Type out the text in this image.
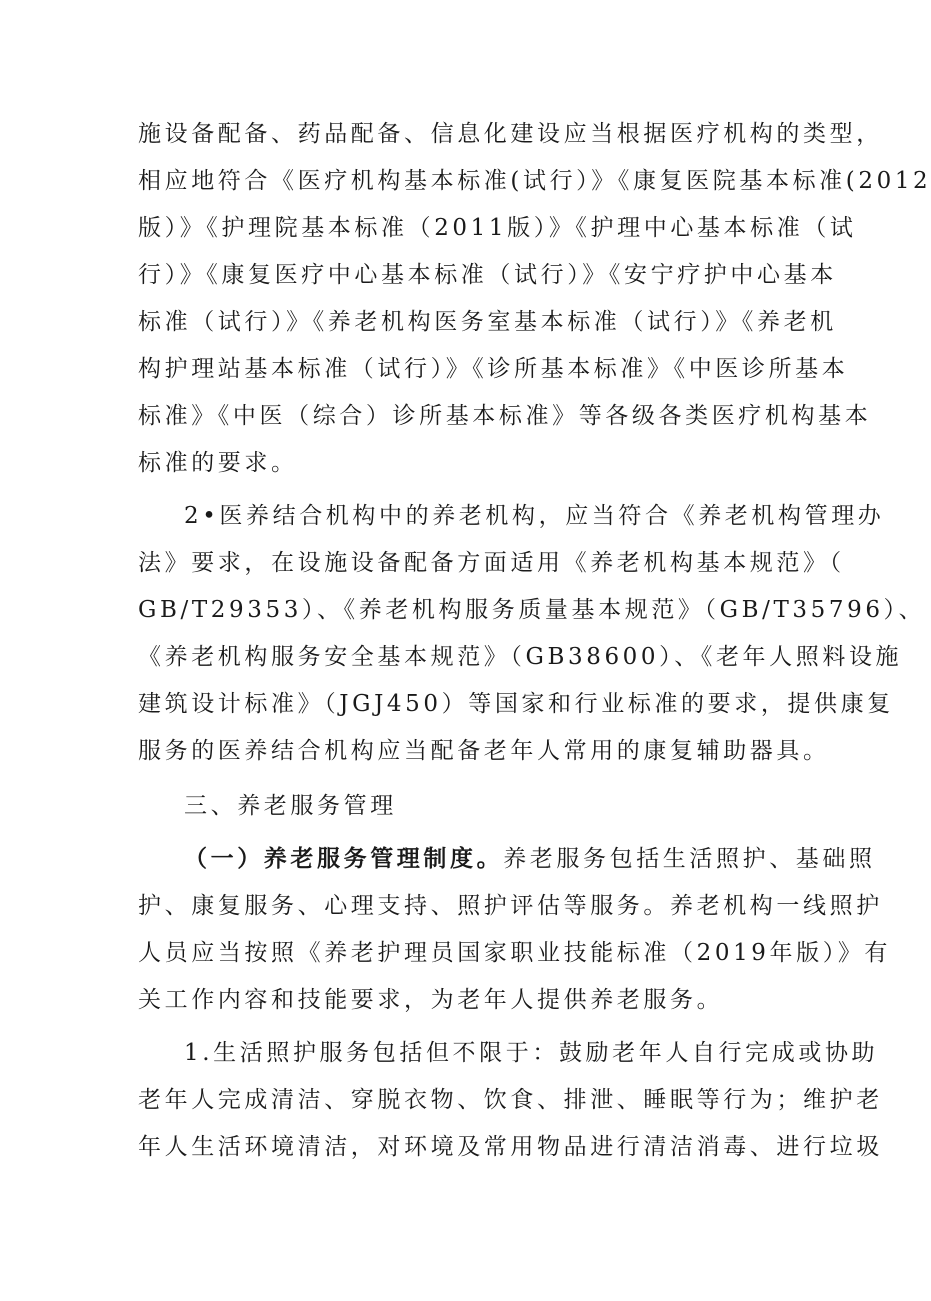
施设备配备、药品配备、信息化建设应当根据医疗机构的类型，
相应地符合《医疗机构基本标准(试行）》《康复医院基本标准(2012
版）》《护理院基本标准（2011版）》《护理中心基本标准（试
行）》《康复医疗中心基本标准（试行）》《安宁疗护中心基本
标准（试行）》《养老机构医务室基本标准（试行）》《养老机
构护理站基本标准（试行）》《诊所基本标准》《中医诊所基本
标准》《中医（综合）诊所基本标准》等各级各类医疗机构基本
标准的要求。
2•医养结合机构中的养老机构，应当符合《养老机构管理办
法》要求，在设施设备配备方面适用《养老机构基本规范》（
GB/T29353）、《养老机构服务质量基本规范》（GB/T35796）、
《养老机构服务安全基本规范》（GB38600）、《老年人照料设施
建筑设计标准》（JGJ450）等国家和行业标准的要求，提供康复
服务的医养结合机构应当配备老年人常用的康复辅助器具。
三、养老服务管理
（一）养老服务管理制度。养老服务包括生活照护、基础照
护、康复服务、心理支持、照护评估等服务。养老机构一线照护
人员应当按照《养老护理员国家职业技能标准（2019年版）》有
关工作内容和技能要求，为老年人提供养老服务。
1.生活照护服务包括但不限于：鼓励老年人自行完成或协助
老年人完成清洁、穿脱衣物、饮食、排泄、睡眠等行为；维护老
年人生活环境清洁，对环境及常用物品进行清洁消毒、进行垃圾
